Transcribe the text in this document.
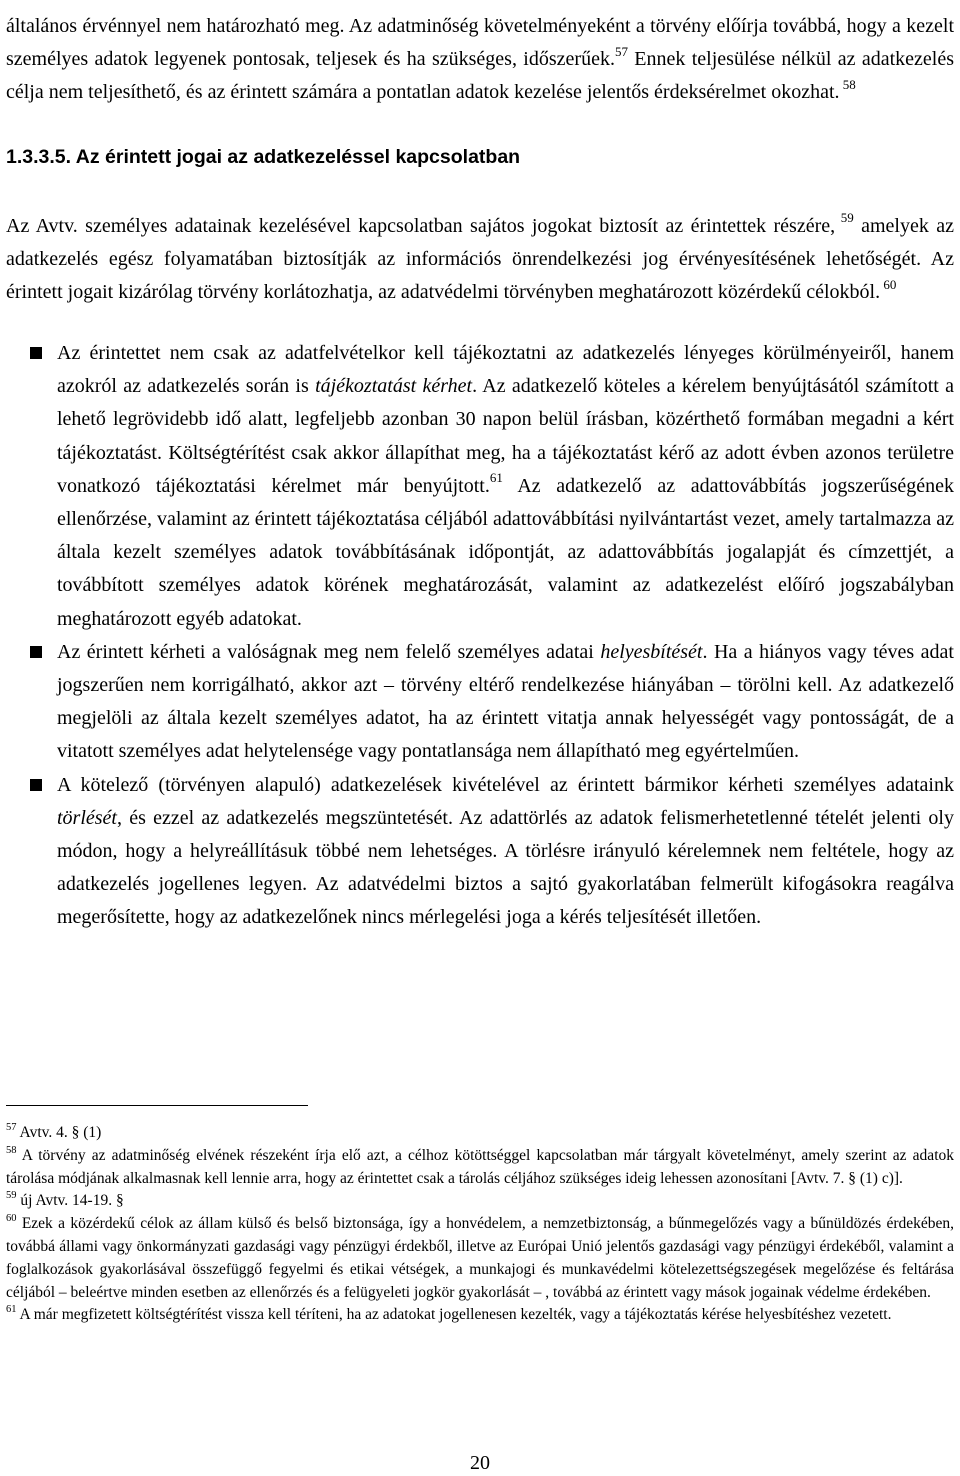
általános érvénnyel nem határozható meg. Az adatminőség követelményeként a törvény előírja továbbá, hogy a kezelt személyes adatok legyenek pontosak, teljesek és ha szükséges, időszerűek.$^{57}$ Ennek teljesülése nélkül az adatkezelés célja nem teljesíthető, és az érintett számára a pontatlan adatok kezelése jelentős érdeksérelmet okozhat. $^{58}$

1.3.3.5. Az érintett jogai az adatkezeléssel kapcsolatban

Az Avtv. személyes adatainak kezelésével kapcsolatban sajátos jogokat biztosít az érintettek részére, $^{59}$ amelyek az adatkezelés egész folyamatában biztosítják az információs önrendelkezési jog érvényesítésének lehetőségét. Az érintett jogait kizárólag törvény korlátozhatja, az adatvédelmi törvényben meghatározott közérdekű célokból. $^{60}$

Az érintettet nem csak az adatfelvételkor kell tájékoztatni az adatkezelés lényeges körülményeiről, hanem azokról az adatkezelés során is tájékoztatást kérhet. Az adatkezelő köteles a kérelem benyújtásától számított a lehető legrövidebb idő alatt, legfeljebb azonban 30 napon belül írásban, közérthető formában megadni a kért tájékoztatást. Költségtérítést csak akkor állapíthat meg, ha a tájékoztatást kérő az adott évben azonos területre vonatkozó tájékoztatási kérelmet már benyújtott.$^{61}$ Az adatkezelő az adattovábbítás jogszerűségének ellenőrzése, valamint az érintett tájékoztatása céljából adattovábbítási nyilvántartást vezet, amely tartalmazza az általa kezelt személyes adatok továbbításának időpontját, az adattovábbítás jogalapját és címzettjét, a továbbított személyes adatok körének meghatározását, valamint az adatkezelést előíró jogszabályban meghatározott egyéb adatokat.
Az érintett kérheti a valóságnak meg nem felelő személyes adatai helyesbítését. Ha a hiányos vagy téves adat jogszerűen nem korrigálható, akkor azt – törvény eltérő rendelkezése hiányában – törölni kell. Az adatkezelő megjelöli az általa kezelt személyes adatot, ha az érintett vitatja annak helyességét vagy pontosságát, de a vitatott személyes adat helytelensége vagy pontatlansága nem állapítható meg egyértelműen.
A kötelező (törvényen alapuló) adatkezelések kivételével az érintett bármikor kérheti személyes adataink törlését, és ezzel az adatkezelés megszüntetését. Az adattörlés az adatok felismerhetetlenné tételét jelenti oly módon, hogy a helyreállításuk többé nem lehetséges. A törlésre irányuló kérelemnek nem feltétele, hogy az adatkezelés jogellenes legyen. Az adatvédelmi biztos a sajtó gyakorlatában felmerült kifogásokra reagálva megerősítette, hogy az adatkezelőnek nincs mérlegelési joga a kérés teljesítését illetően.

$^{57}$ Avtv. 4. § (1)

$^{58}$ A törvény az adatminőség elvének részeként írja elő azt, a célhoz kötöttséggel kapcsolatban már tárgyalt követelményt, amely szerint az adatok tárolása módjának alkalmasnak kell lennie arra, hogy az érintettet csak a tárolás céljához szükséges ideig lehessen azonosítani [Avtv. 7. § (1) c)].

$^{59}$ új Avtv. 14-19. §

$^{60}$ Ezek a közérdekű célok az állam külső és belső biztonsága, így a honvédelem, a nemzetbiztonság, a bűnmegelőzés vagy a bűnüldözés érdekében, továbbá állami vagy önkormányzati gazdasági vagy pénzügyi érdekből, illetve az Európai Unió jelentős gazdasági vagy pénzügyi érdekéből, valamint a foglalkozások gyakorlásával összefüggő fegyelmi és etikai vétségek, a munkajogi és munkavédelmi kötelezettségszegések megelőzése és feltárása céljából – beleértve minden esetben az ellenőrzés és a felügyeleti jogkör gyakorlását – , továbbá az érintett vagy mások jogainak védelme érdekében.

$^{61}$ A már megfizetett költségtérítést vissza kell téríteni, ha az adatokat jogellenesen kezelték, vagy a tájékoztatás kérése helyesbítéshez vezetett.

20
